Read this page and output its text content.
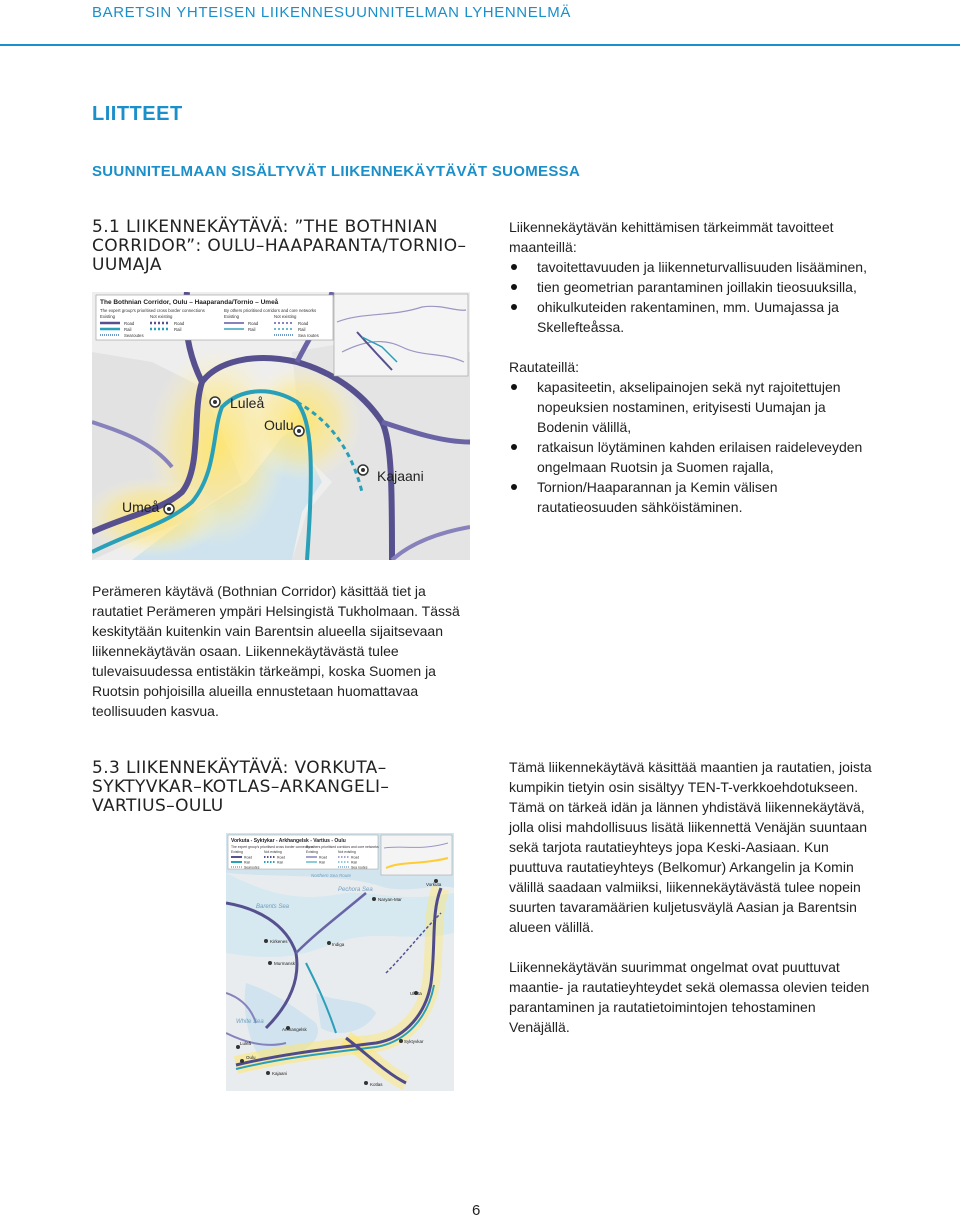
BARETSIN YHTEISEN LIIKENNESUUNNITELMAN LYHENNELMÄ
LIITTEET
SUUNNITELMAAN SISÄLTYVÄT LIIKENNEKÄYTÄVÄT SUOMESSA
5.1 LIIKENNEKÄYTÄVÄ: ”THE BOTHNIAN CORRIDOR”: OULU–HAAPARANTA/TORNIO– UUMAJA
The Bothnian Corridor, Oulu – Haaparanda/Tornio – Umeå
The expert group’s prioritised cross border connections	By others prioritised corridors and core networks
Existing	Not existing	Existing	Not existing
Road	Road
Rail	Rail
Searoutes
Road	Road
Rail	Rail
Sea routes
Luleå
Oulu
Kajaani
Umeå

Perämeren käytävä (Bothnian Corridor) käsittää tiet ja rautatiet Perämeren ympäri Helsingistä Tukholmaan. Tässä keskitytään kuitenkin vain Barentsin alueella sijaitsevaan liikennekäytävän osaan. Liikennekäytävästä tulee tulevaisuudessa entistäkin tärkeämpi, koska Suomen ja Ruotsin pohjoisilla alueilla ennustetaan huomattavaa teollisuuden kasvua.

Liikennekäytävän kehittämisen tärkeimmät tavoitteet maanteillä:

tavoitettavuuden ja liikenneturvallisuuden lisääminen,
tien geometrian parantaminen joillakin tieosuuksilla,
ohikulkuteiden rakentaminen, mm. Uumajassa ja Skellefteåssa.

Rautateillä:

kapasiteetin, akselipainojen sekä nyt rajoitettujen nopeuksien nostaminen, erityisesti Uumajan ja Bodenin välillä,
ratkaisun löytäminen kahden erilaisen raideleveyden ongelmaan Ruotsin ja Suomen rajalla,
Tornion/Haaparannan ja Kemin välisen rautatieosuuden sähköistäminen.
5.3 LIIKENNEKÄYTÄVÄ: VORKUTA– SYKTYVKAR–KOTLAS–ARKANGELI– VARTIUS–OULU
Vorkuta - Syktykar - Arkhangelsk - Vartius - Oulu
The expert group’s prioritised cross border connections
By others prioritised corridors and core networks
Existing	Not existing	Existing	Not existing
Road	Road
Rail	Rail
Searoutes
Road	Road
Rail	Rail
Sea routes
Barents Sea
Pechora Sea
Northern Sea Route
White Sea
Vorkuta
Naryan-Mar
Kirkenes
Indiga
Murmansk
Ukhta
Arkhangelsk
Syktyvkar
Kotlas
Luleå
Oulu
Kajaani

Tämä liikennekäytävä käsittää maantien ja rautatien, joista kumpikin tietyin osin sisältyy TEN-T-verkkoehdotukseen. Tämä on tärkeä idän ja lännen yhdistävä liikennekäytävä, jolla olisi mahdollisuus lisätä liikennettä Venäjän suuntaan sekä tarjota rautatieyhteys jopa Keski-Aasiaan. Kun puuttuva rautatieyhteys (Belkomur) Arkangelin ja Komin välillä saadaan valmiiksi, liikennekäytävästä tulee nopein suurten tavaramäärien kuljetusväylä Aasian ja Barentsin alueen välillä.

Liikennekäytävän suurimmat ongelmat ovat puuttuvat maantie- ja rautatieyhteydet sekä olemassa olevien teiden parantaminen ja rautatietoimintojen tehostaminen Venäjällä.

6
